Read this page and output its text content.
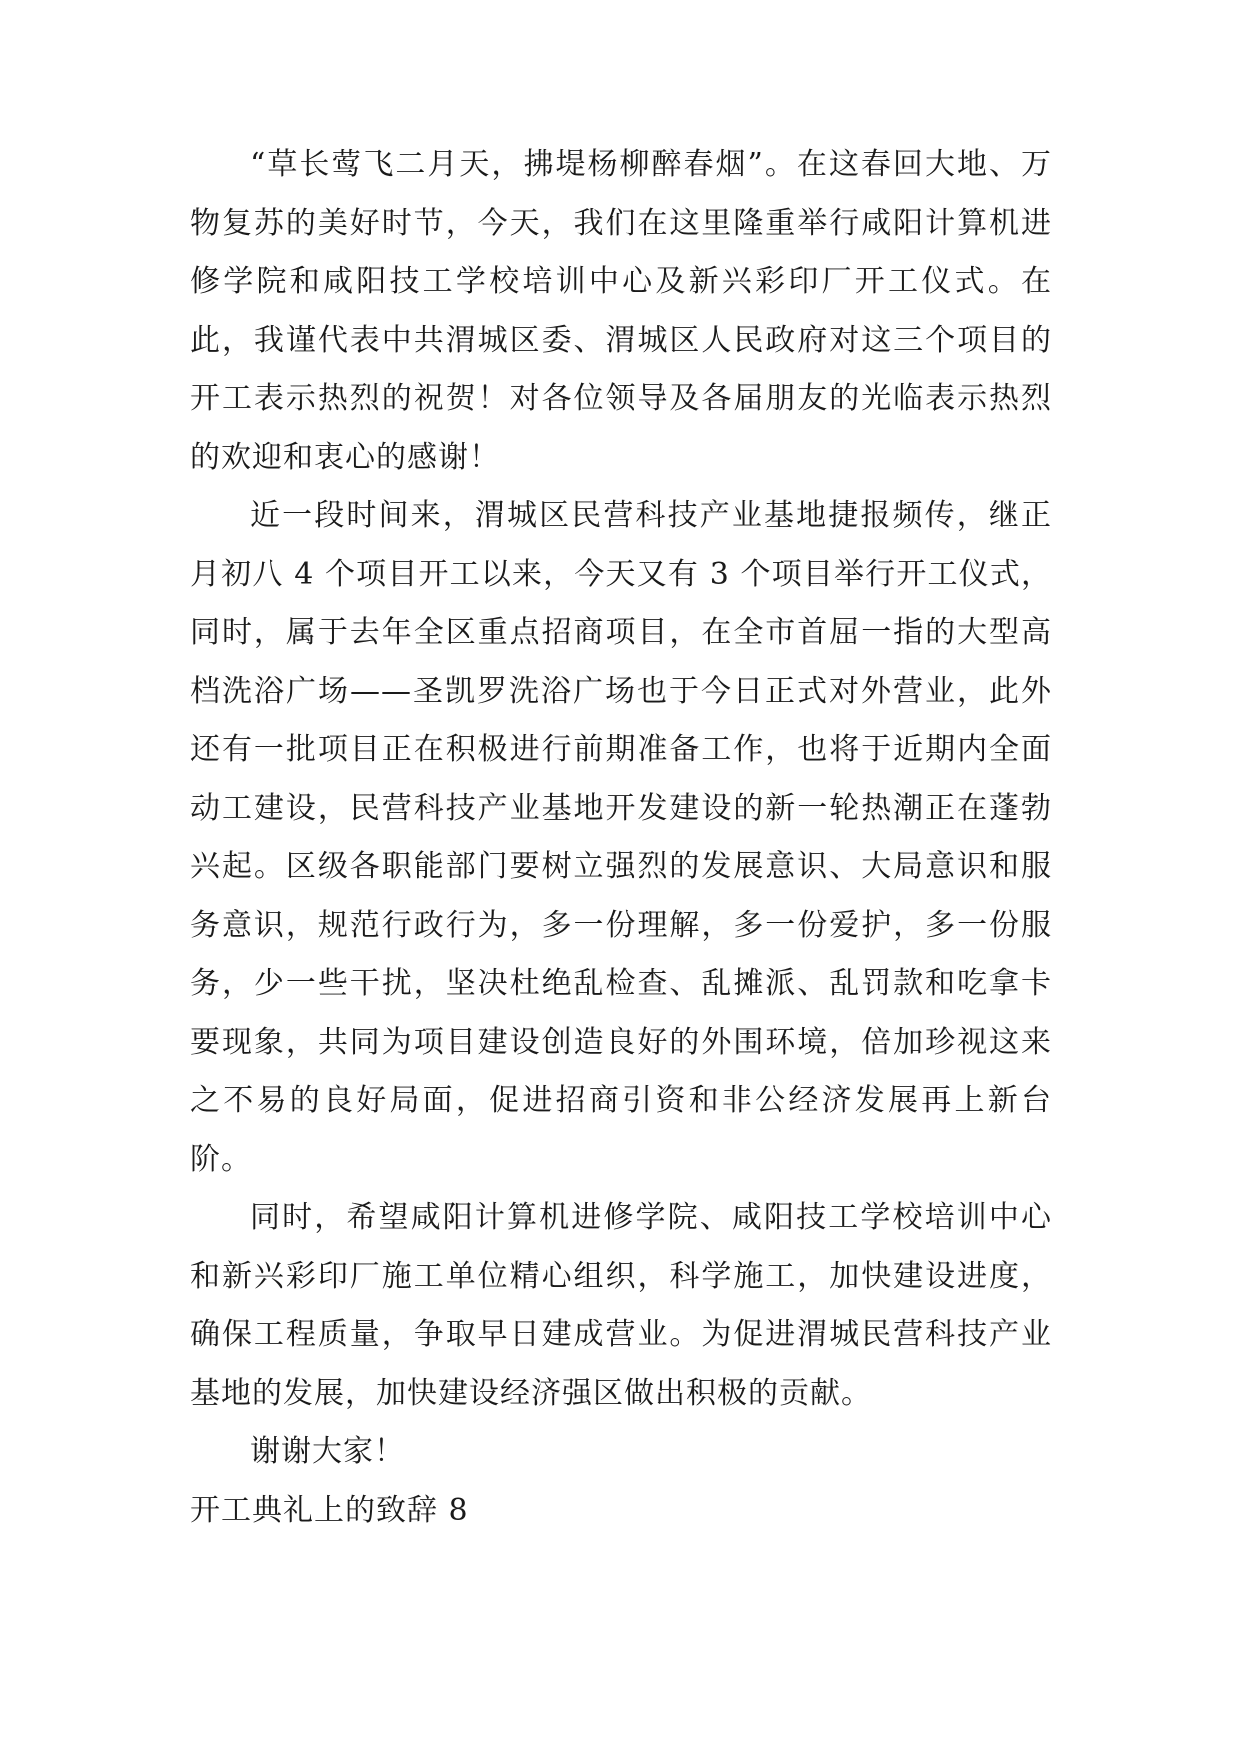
“草长莺飞二月天，拂堤杨柳醉春烟”。在这春回大地、万物复苏的美好时节，今天，我们在这里隆重举行咸阳计算机进修学院和咸阳技工学校培训中心及新兴彩印厂开工仪式。在此，我谨代表中共渭城区委、渭城区人民政府对这三个项目的开工表示热烈的祝贺！对各位领导及各届朋友的光临表示热烈的欢迎和衷心的感谢！

近一段时间来，渭城区民营科技产业基地捷报频传，继正月初八 4 个项目开工以来，今天又有 3 个项目举行开工仪式，同时，属于去年全区重点招商项目，在全市首屈一指的大型高档洗浴广场——圣凯罗洗浴广场也于今日正式对外营业，此外还有一批项目正在积极进行前期准备工作，也将于近期内全面动工建设，民营科技产业基地开发建设的新一轮热潮正在蓬勃兴起。区级各职能部门要树立强烈的发展意识、大局意识和服务意识，规范行政行为，多一份理解，多一份爱护，多一份服务，少一些干扰，坚决杜绝乱检查、乱摊派、乱罚款和吃拿卡要现象，共同为项目建设创造良好的外围环境，倍加珍视这来之不易的良好局面，促进招商引资和非公经济发展再上新台阶。

同时，希望咸阳计算机进修学院、咸阳技工学校培训中心和新兴彩印厂施工单位精心组织，科学施工，加快建设进度，确保工程质量，争取早日建成营业。为促进渭城民营科技产业基地的发展，加快建设经济强区做出积极的贡献。

谢谢大家！

开工典礼上的致辞 8
